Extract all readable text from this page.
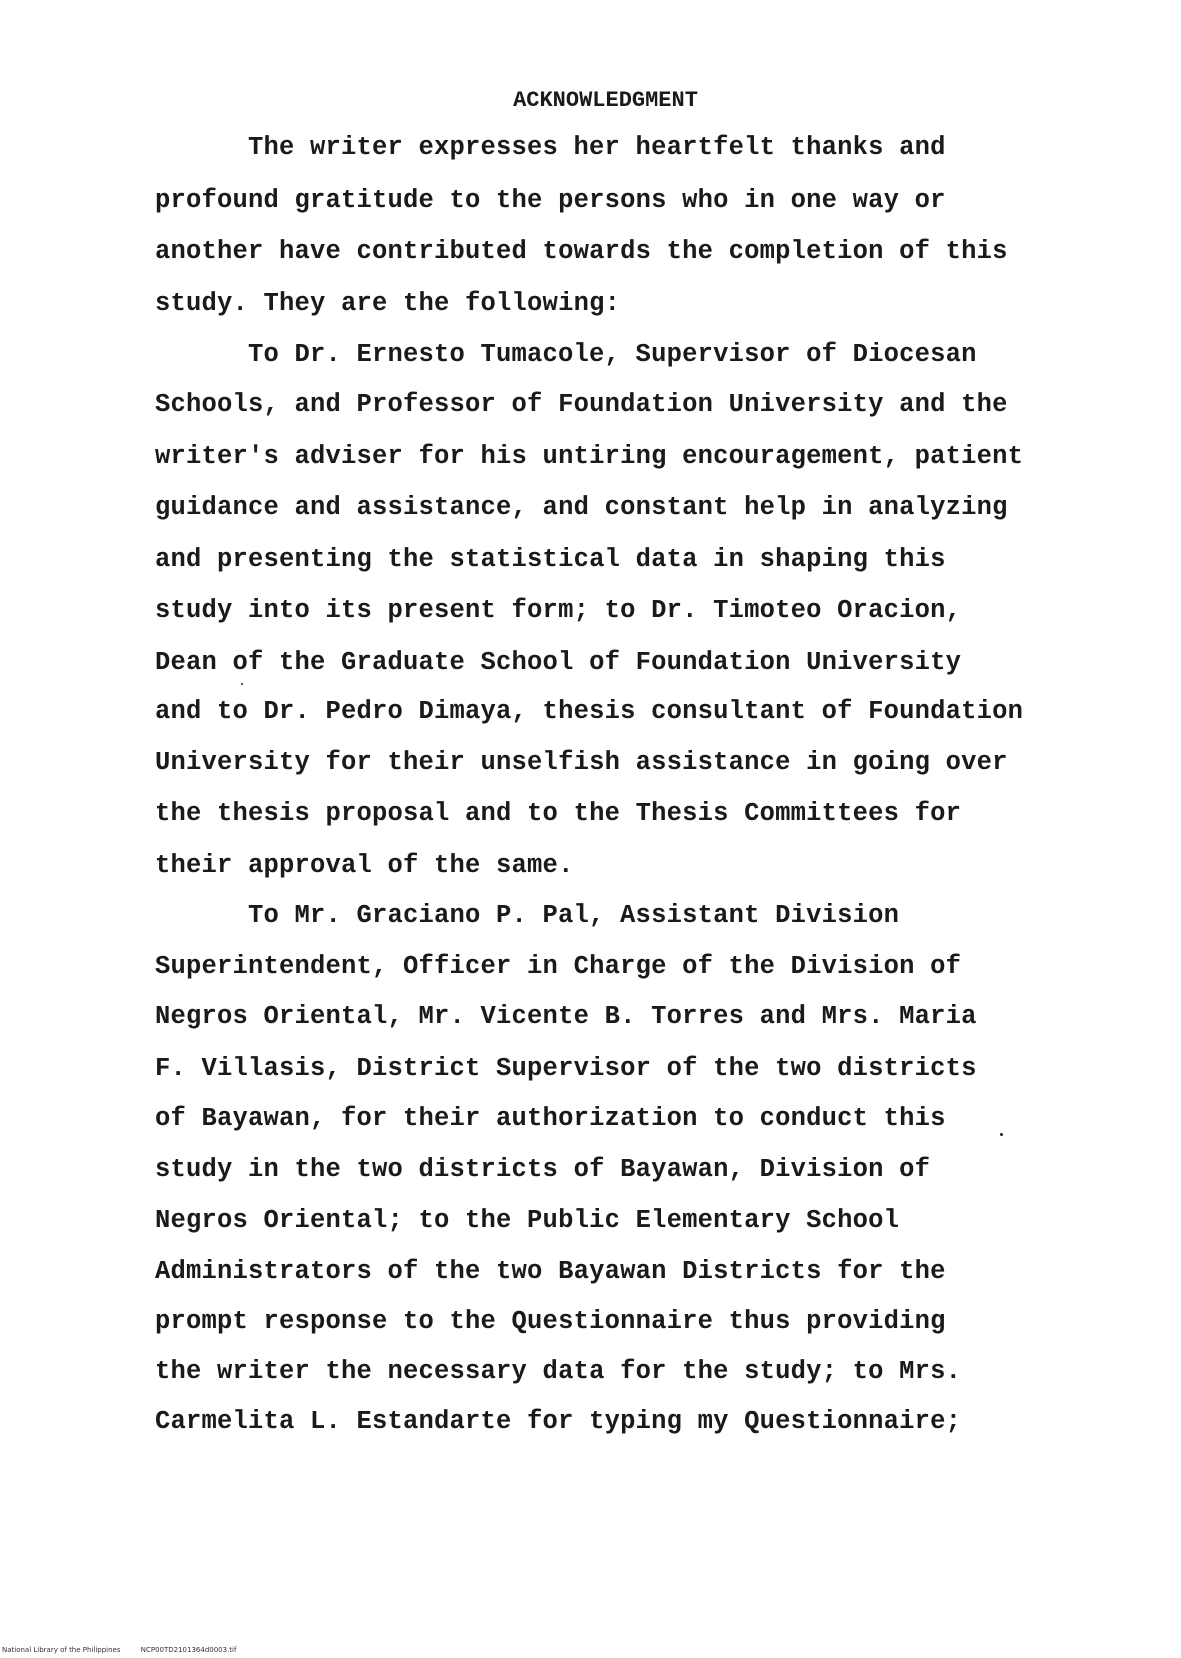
ACKNOWLEDGMENT
The writer expresses her heartfelt thanks and
profound gratitude to the persons who in one way or
another have contributed towards the completion of this
study. They are the following:
To Dr. Ernesto Tumacole, Supervisor of Diocesan
Schools, and Professor of Foundation University and the
writer's adviser for his untiring encouragement, patient
guidance and assistance, and constant help in analyzing
and presenting the statistical data in shaping this
study into its present form; to Dr. Timoteo Oracion,
Dean of the Graduate School of Foundation University
and to Dr. Pedro Dimaya, thesis consultant of Foundation
University for their unselfish assistance in going over
the thesis proposal and to the Thesis Committees for
their approval of the same.
To Mr. Graciano P. Pal, Assistant Division
Superintendent, Officer in Charge of the Division of
Negros Oriental, Mr. Vicente B. Torres and Mrs. Maria
F. Villasis, District Supervisor of the two districts
of Bayawan, for their authorization to conduct this
study in the two districts of Bayawan, Division of
Negros Oriental; to the Public Elementary School
Administrators of the two Bayawan Districts for the
prompt response to the Questionnaire thus providing
the writer the necessary data for the study; to Mrs.
Carmelita L. Estandarte for typing my Questionnaire;
National Library of the Philippines	NCP00TD2101364d0003.tif
